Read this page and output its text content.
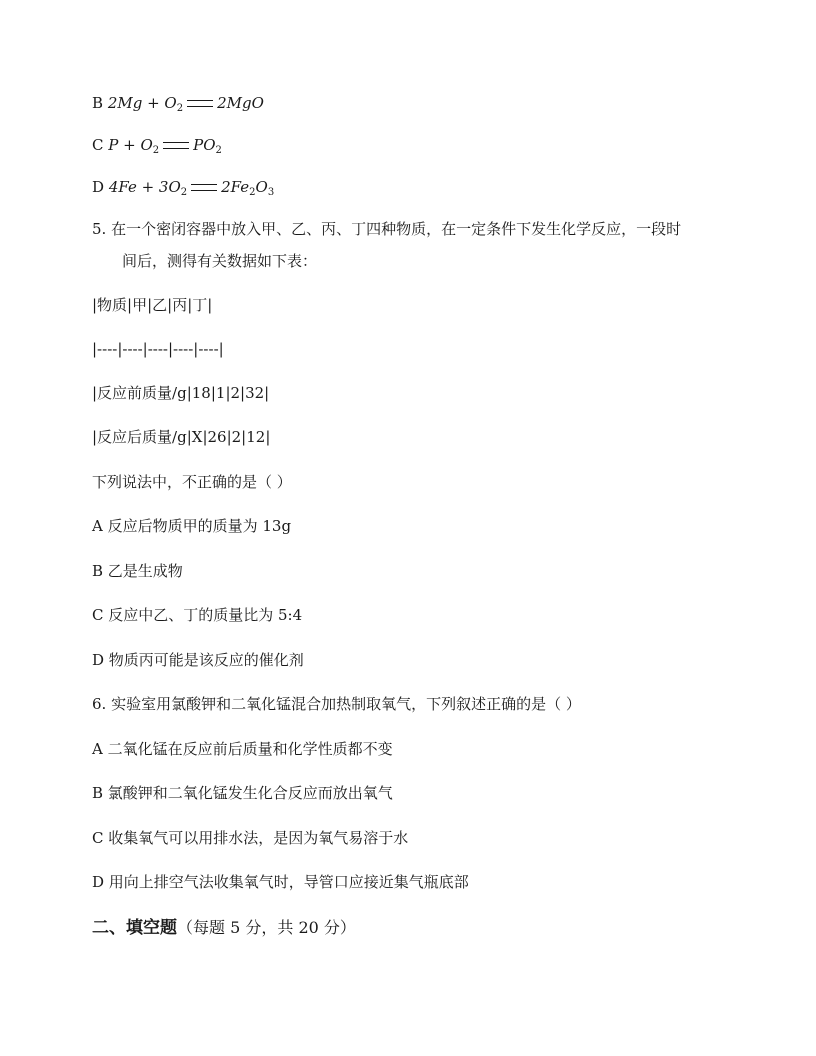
B $2Mg + O_2$ 2MgO
C $P + O_2$ $PO_2$
D $4Fe + 3O_2$ $2Fe_2O_3$
5. 在一个密闭容器中放入甲、乙、丙、丁四种物质，在一定条件下发生化学反应，一段时
间后，测得有关数据如下表：
|物质|甲|乙|丙|丁|
|----|----|----|----|----|
|反应前质量/g|18|1|2|32|
|反应后质量/g|X|26|2|12|
下列说法中，不正确的是（ ）
A 反应后物质甲的质量为 13g
B 乙是生成物
C 反应中乙、丁的质量比为 5:4
D 物质丙可能是该反应的催化剂
6. 实验室用氯酸钾和二氧化锰混合加热制取氧气，下列叙述正确的是（ ）
A 二氧化锰在反应前后质量和化学性质都不变
B 氯酸钾和二氧化锰发生化合反应而放出氧气
C 收集氧气可以用排水法，是因为氧气易溶于水
D 用向上排空气法收集氧气时，导管口应接近集气瓶底部
二、填空题（每题 5 分，共 20 分）
